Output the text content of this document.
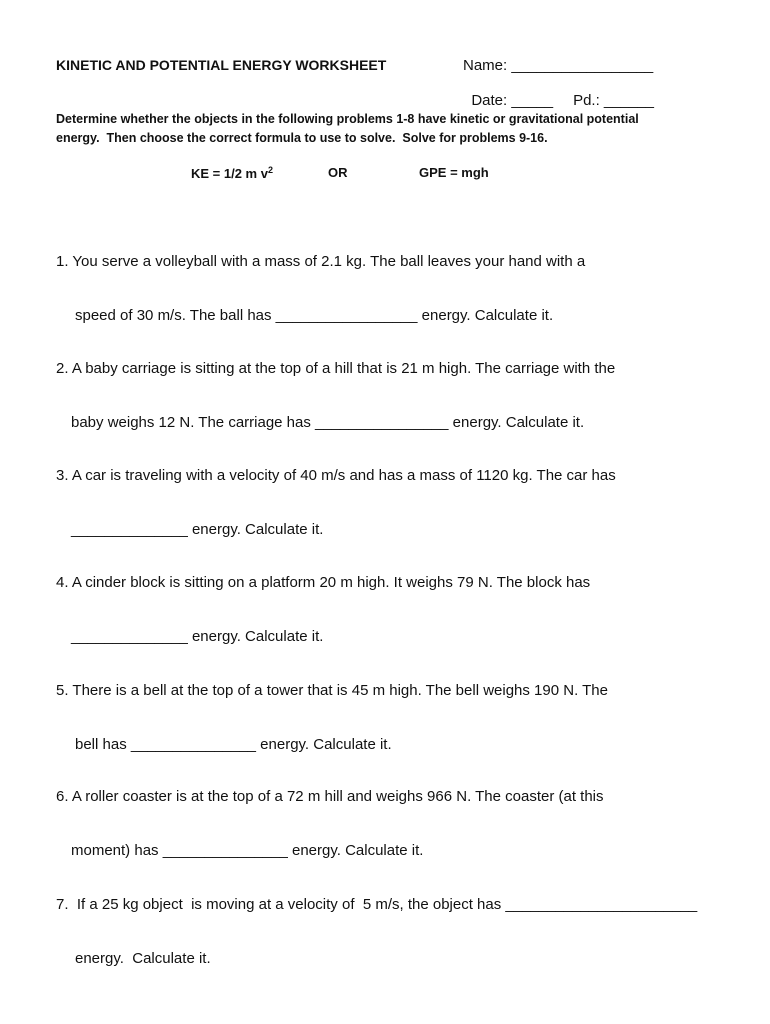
KINETIC AND POTENTIAL ENERGY WORKSHEET	Name: _________________

Date: _____ Pd.: ______

Determine whether the objects in the following problems 1-8 have kinetic or gravitational potential
energy.  Then choose the correct formula to use to solve.  Solve for problems 9-16.
KE = 1/2 m $v^2$	OR	GPE = mgh

1. You serve a volleyball with a mass of 2.1 kg. The ball leaves your hand with a

speed of 30 m/s. The ball has _________________ energy. Calculate it.

2. A baby carriage is sitting at the top of a hill that is 21 m high. The carriage with the

baby weighs 12 N. The carriage has ________________ energy. Calculate it.

3. A car is traveling with a velocity of 40 m/s and has a mass of 1120 kg. The car has

______________ energy. Calculate it.

4. A cinder block is sitting on a platform 20 m high. It weighs 79 N. The block has

______________ energy. Calculate it.

5. There is a bell at the top of a tower that is 45 m high. The bell weighs 190 N. The

bell has _______________ energy. Calculate it.

6. A roller coaster is at the top of a 72 m hill and weighs 966 N. The coaster (at this

moment) has _______________ energy. Calculate it.

7.  If a 25 kg object  is moving at a velocity of  5 m/s, the object has _______________________

energy.  Calculate it.
